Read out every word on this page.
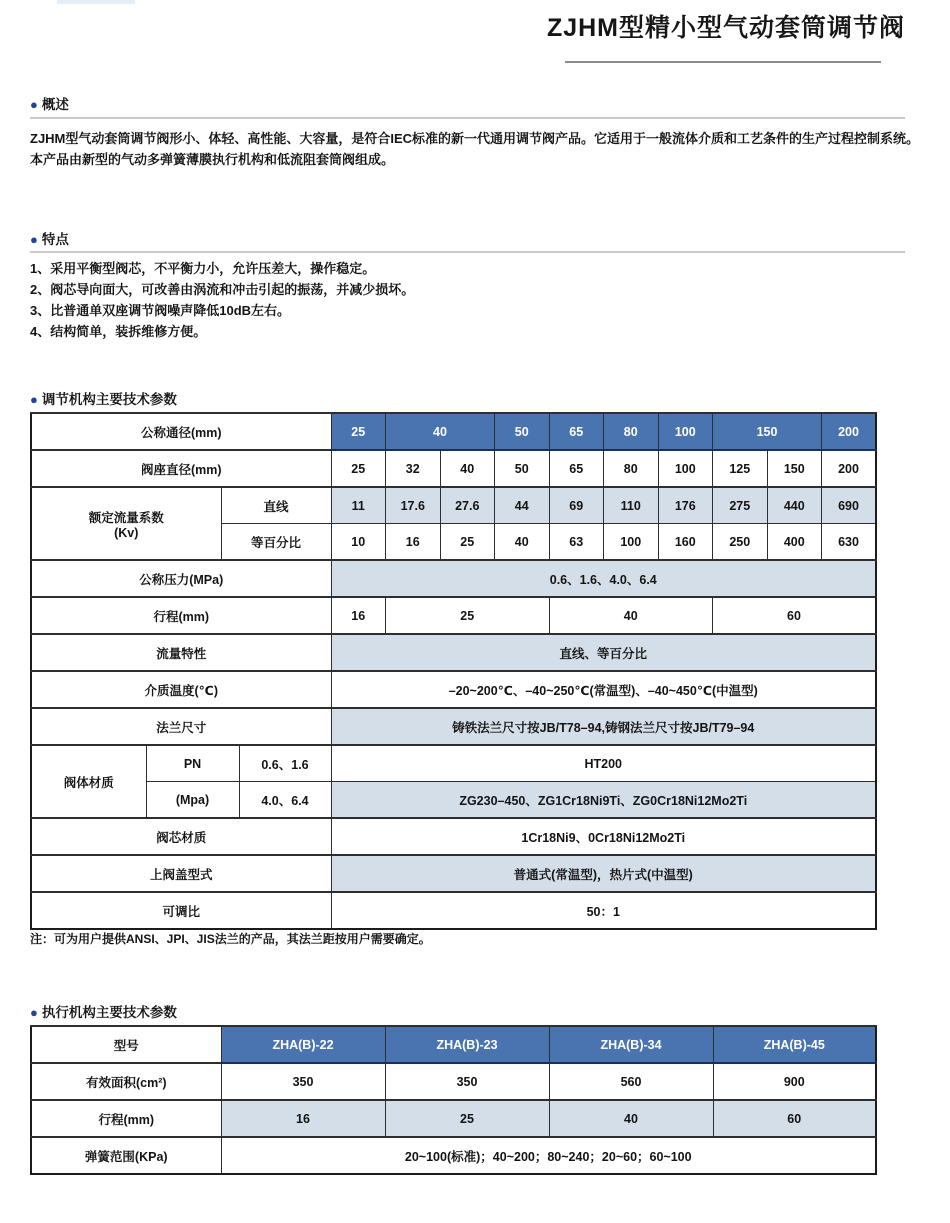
ZJHM型精小型气动套筒调节阀
● 概述
ZJHM型气动套筒调节阀形小、体轻、高性能、大容量，是符合IEC标准的新一代通用调节阀产品。它适用于一般流体介质和工艺条件的生产过程控制系统。
本产品由新型的气动多弹簧薄膜执行机构和低流阻套筒阀组成。
● 特点
1、采用平衡型阀芯，不平衡力小，允许压差大，操作稳定。
2、阀芯导向面大，可改善由涡流和冲击引起的振荡，并减少损坏。
3、比普通单双座调节阀噪声降低10dB左右。
4、结构简单，装拆维修方便。
● 调节机构主要技术参数
公称通径(mm)				25	40		50	65	80	100	150		200
阀座直径(mm)				25	32	40	50	65	80	100	125	150	200

额定流量系数
(Kv)		直线		11	17.6	27.6	44	69	110	176	275	440	690
		等百分比		10	16	25	40	63	100	160	250	400	630
公称压力(MPa)				0.6、1.6、4.0、6.4									
行程(mm)				16	25			40			60		
流量特性				直线、等百分比									
介质温度(℃)				–20~200℃、–40~250℃(常温型)、–40~450℃(中温型)									
法兰尺寸				铸铁法兰尺寸按JB/T78–94,铸钢法兰尺寸按JB/T79–94									
阀体材质	PN		0.6、1.6	HT200									
	(Mpa)		4.0、6.4	ZG230–450、ZG1Cr18Ni9Ti、ZG0Cr18Ni12Mo2Ti									
阀芯材质				1Cr18Ni9、0Cr18Ni12Mo2Ti									
上阀盖型式				普通式(常温型)，热片式(中温型)									
可调比				50：1									
注：可为用户提供ANSI、JPI、JIS法兰的产品，其法兰距按用户需要确定。
● 执行机构主要技术参数
型号	ZHA(B)-22	ZHA(B)-23	ZHA(B)-34	ZHA(B)-45
有效面积(cm²)	350	350	560	900
行程(mm)	16	25	40	60
弹簧范围(KPa)	20~100(标准)；40~200；80~240；20~60；60~100			
